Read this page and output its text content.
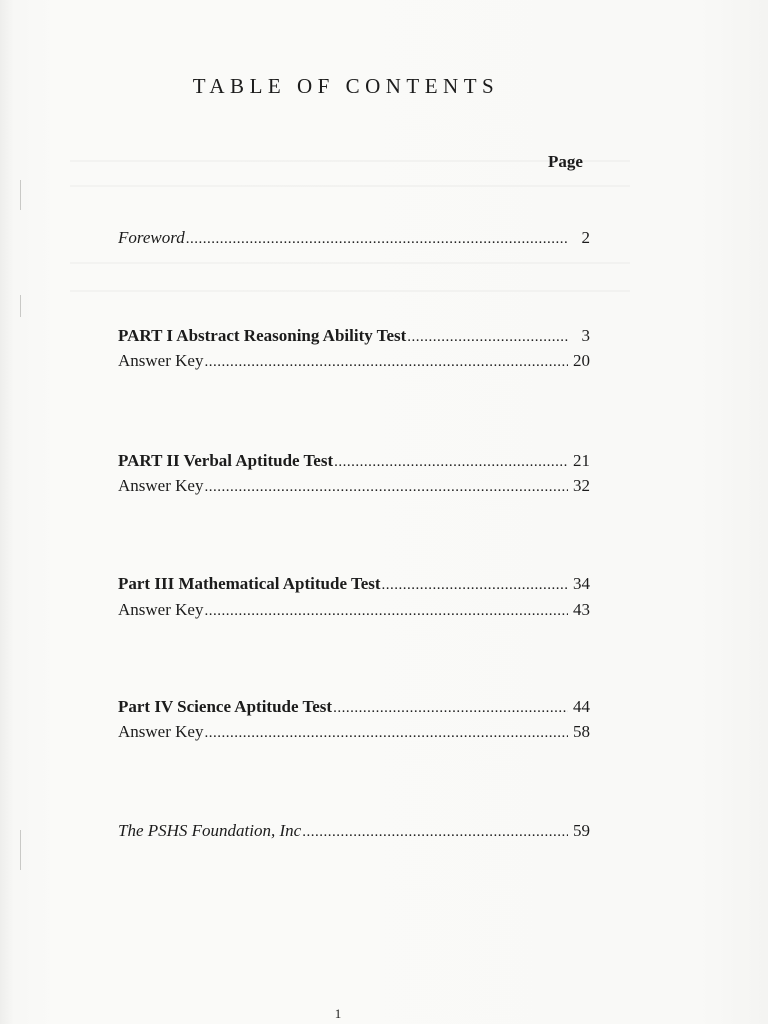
TABLE OF CONTENTS
Page
Foreword .....	2
PART I Abstract Reasoning Ability Test .....	3
Answer Key .....	20
PART II Verbal Aptitude Test .....	21
Answer Key .....	32
Part III Mathematical Aptitude Test .....	34
Answer Key .....	43
Part IV Science Aptitude Test .....	44
Answer Key .....	58
The PSHS Foundation, Inc .....	59
1
